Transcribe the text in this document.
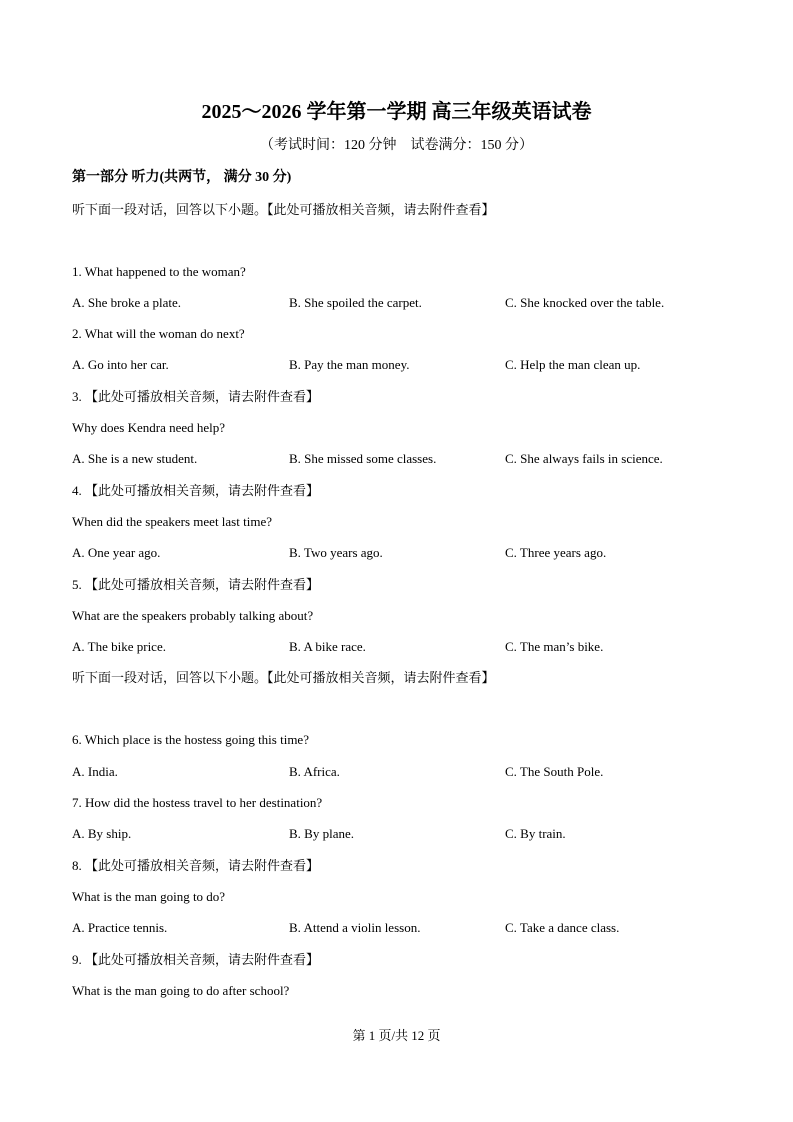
2025～2026 学年第一学期 高三年级英语试卷
（考试时间：120 分钟　试卷满分：150 分）
第一部分 听力(共两节， 满分 30 分)
听下面一段对话，回答以下小题。【此处可播放相关音频，请去附件查看】
1. What happened to the woman?
A. She broke a plate.	B. She spoiled the carpet.	C. She knocked over the table.
2. What will the woman do next?
A. Go into her car.	B. Pay the man money.	C. Help the man clean up.
3. 【此处可播放相关音频，请去附件查看】
Why does Kendra need help?
A. She is a new student.	B. She missed some classes.	C. She always fails in science.
4. 【此处可播放相关音频，请去附件查看】
When did the speakers meet last time?
A. One year ago.	B. Two years ago.	C. Three years ago.
5. 【此处可播放相关音频，请去附件查看】
What are the speakers probably talking about?
A. The bike price.	B. A bike race.	C. The man’s bike.
听下面一段对话，回答以下小题。【此处可播放相关音频，请去附件查看】
6. Which place is the hostess going this time?
A. India.	B. Africa.	C. The South Pole.
7. How did the hostess travel to her destination?
A. By ship.	B. By plane.	C. By train.
8. 【此处可播放相关音频，请去附件查看】
What is the man going to do?
A. Practice tennis.	B. Attend a violin lesson.	C. Take a dance class.
9. 【此处可播放相关音频，请去附件查看】
What is the man going to do after school?
第 1 页/共 12 页
